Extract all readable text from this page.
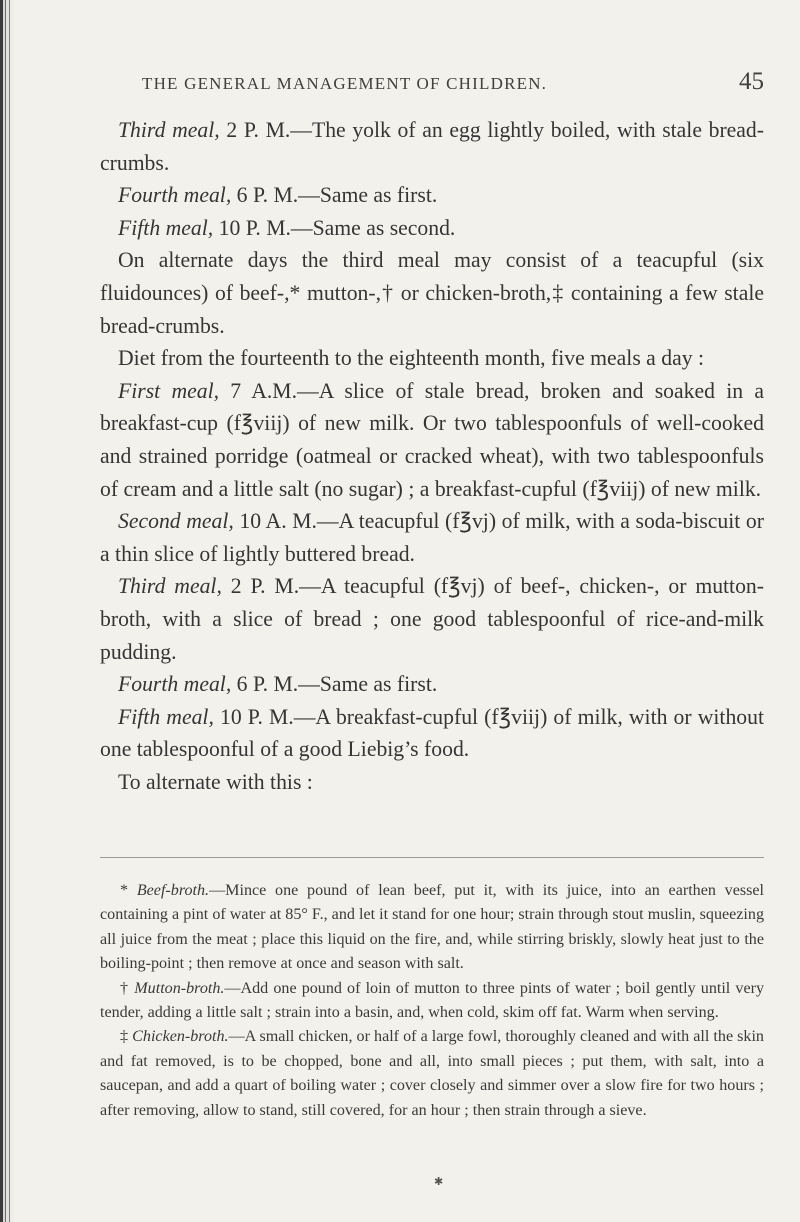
THE GENERAL MANAGEMENT OF CHILDREN.	45

Third meal, 2 P. M.—The yolk of an egg lightly boiled, with stale bread-crumbs.

Fourth meal, 6 P. M.—Same as first.

Fifth meal, 10 P. M.—Same as second.

On alternate days the third meal may consist of a teacupful (six fluidounces) of beef-,* mutton-,† or chicken-broth,‡ containing a few stale bread-crumbs.

Diet from the fourteenth to the eighteenth month, five meals a day :

First meal, 7 A.M.—A slice of stale bread, broken and soaked in a breakfast-cup (f℥viij) of new milk. Or two tablespoonfuls of well-cooked and strained porridge (oatmeal or cracked wheat), with two tablespoonfuls of cream and a little salt (no sugar) ; a breakfast-cupful (f℥viij) of new milk.

Second meal, 10 A. M.—A teacupful (f℥vj) of milk, with a soda-biscuit or a thin slice of lightly buttered bread.

Third meal, 2 P. M.—A teacupful (f℥vj) of beef-, chicken-, or mutton-broth, with a slice of bread ; one good tablespoonful of rice-and-milk pudding.

Fourth meal, 6 P. M.—Same as first.

Fifth meal, 10 P. M.—A breakfast-cupful (f℥viij) of milk, with or without one tablespoonful of a good Liebig’s food.

To alternate with this :

* Beef-broth.—Mince one pound of lean beef, put it, with its juice, into an earthen vessel containing a pint of water at 85° F., and let it stand for one hour; strain through stout muslin, squeezing all juice from the meat ; place this liquid on the fire, and, while stirring briskly, slowly heat just to the boiling-point ; then remove at once and season with salt.

† Mutton-broth.—Add one pound of loin of mutton to three pints of water ; boil gently until very tender, adding a little salt ; strain into a basin, and, when cold, skim off fat. Warm when serving.

‡ Chicken-broth.—A small chicken, or half of a large fowl, thoroughly cleaned and with all the skin and fat removed, is to be chopped, bone and all, into small pieces ; put them, with salt, into a saucepan, and add a quart of boiling water ; cover closely and simmer over a slow fire for two hours ; after removing, allow to stand, still covered, for an hour ; then strain through a sieve.

✱
